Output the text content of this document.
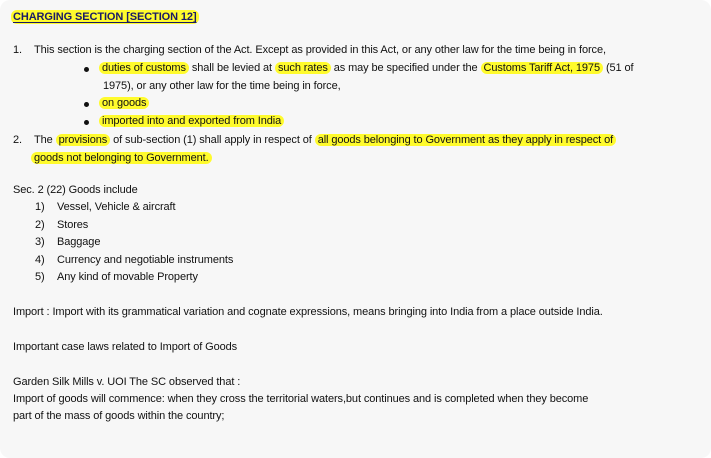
CHARGING SECTION [SECTION 12]
1. This section is the charging section of the Act. Except as provided in this Act, or any other law for the time being in force,
duties of customs shall be levied at such rates as may be specified under the Customs Tariff Act, 1975 (51 of
1975), or any other law for the time being in force,
on goods
imported into and exported from India
2. The provisions of sub-section (1) shall apply in respect of all goods belonging to Government as they apply in respect of
goods not belonging to Government.
Sec. 2 (22) Goods include
1) Vessel, Vehicle & aircraft
2) Stores
3) Baggage
4) Currency and negotiable instruments
5) Any kind of movable Property
Import : Import with its grammatical variation and cognate expressions, means bringing into India from a place outside India.
Important case laws related to Import of Goods
Garden Silk Mills v. UOI The SC observed that :
Import of goods will commence: when they cross the territorial waters,but continues and is completed when they become
part of the mass of goods within the country;
